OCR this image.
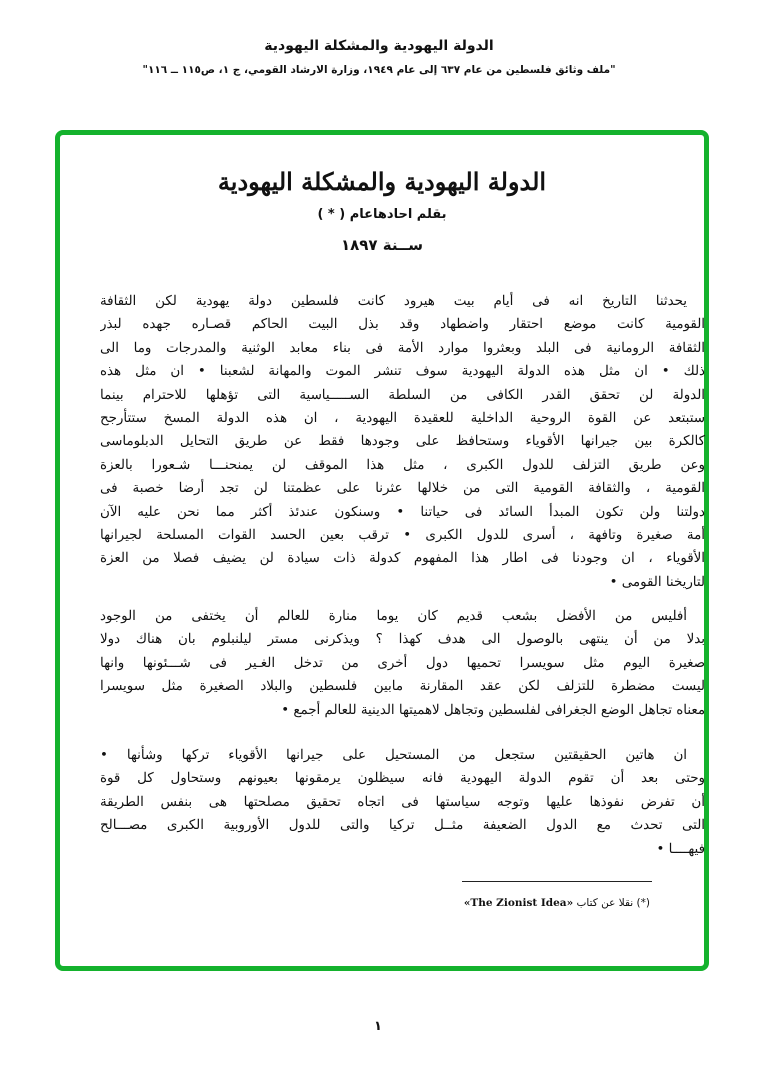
الدولة اليهودية والمشكلة اليهودية
"ملف وثائق فلسطين من عام ٦٣٧ إلى عام ١٩٤٩، وزارة الارشاد القومي، ج ١، ص١١٥ ــ ١١٦"
الدولة اليهودية والمشكلة اليهودية
بقلم احادهاعام ( * )
ســنة ١٨٩٧
يحدثنا التاريخ انه فى أيام بيت هيرود كانت فلسطين دولة يهودية لكن الثقافة
القومية كانت موضع احتقار واضطهاد وقد بذل البيت الحاكم قصـاره جهده لبذر
الثقافة الرومانية فى البلد وبعثروا موارد الأمة فى بناء معابد الوثنية والمدرجات وما الى
ذلك • ان مثل هذه الدولة اليهودية سوف تنشر الموت والمهانة لشعبنا • ان مثل هذه
الدولة لن تحقق القدر الكافى من السلطة الســـــياسية التى تؤهلها للاحترام بينما
ستبتعد عن القوة الروحية الداخلية للعقيدة اليهودية ، ان هذه الدولة المسخ ستتأرجح
كالكرة بين جيرانها الأقوياء وستحافظ على وجودها فقط عن طريق التحايل الدبلوماسى
وعن طريق التزلف للدول الكبرى ، مثل هذا الموقف لن يمنحنـــا شـعورا بالعزة
القومية ، والثقافة القومية التى من خلالها عثرنا على عظمتنا لن تجد أرضا خصبة فى
دولتنا ولن تكون المبدأ السائد فى حياتنا • وسنكون عندئذ أكثر مما نحن عليه الآن
أمة صغيرة وتافهة ، أسرى للدول الكبرى • ترقب بعين الحسد القوات المسلحة لجيرانها
الأقوياء ، ان وجودنا فى اطار هذا المفهوم كدولة ذات سيادة لن يضيف فصلا من العزة
لتاريخنا القومى •
أفليس من الأفضل بشعب قديم كان يوما منارة للعالم أن يختفى من الوجود
بدلا من أن ينتهى بالوصول الى هدف كهذا ؟ ويذكرنى مستر ليلنبلوم بان هناك دولا
صغيرة اليوم مثل سويسرا تحميها دول أخرى من تدخل الغـير فى شـــئونها وانها
ليست مضطرة للتزلف لكن عقد المقارنة مابين فلسطين والبلاد الصغيرة مثل سويسرا
معناه تجاهل الوضع الجغرافى لفلسطين وتجاهل لاهميتها الدينية للعالم أجمع •
ان هاتين الحقيقتين ستجعل من المستحيل على جيرانها الأقوياء تركها وشأنها •
وحتى بعد أن تقوم الدولة اليهودية فانه سيظلون يرمقونها بعيونهم وستحاول كل قوة
أن تفرض نفوذها عليها وتوجه سياستها فى اتجاه تحقيق مصلحتها هى بنفس الطريقة
التى تحدث مع الدول الضعيفة مثــل تركيا والتى للدول الأوروبية الكبرى مصـــالح
فيهــــا •
(*) نقلا عن كتاب «The Zionist Idea»
١
